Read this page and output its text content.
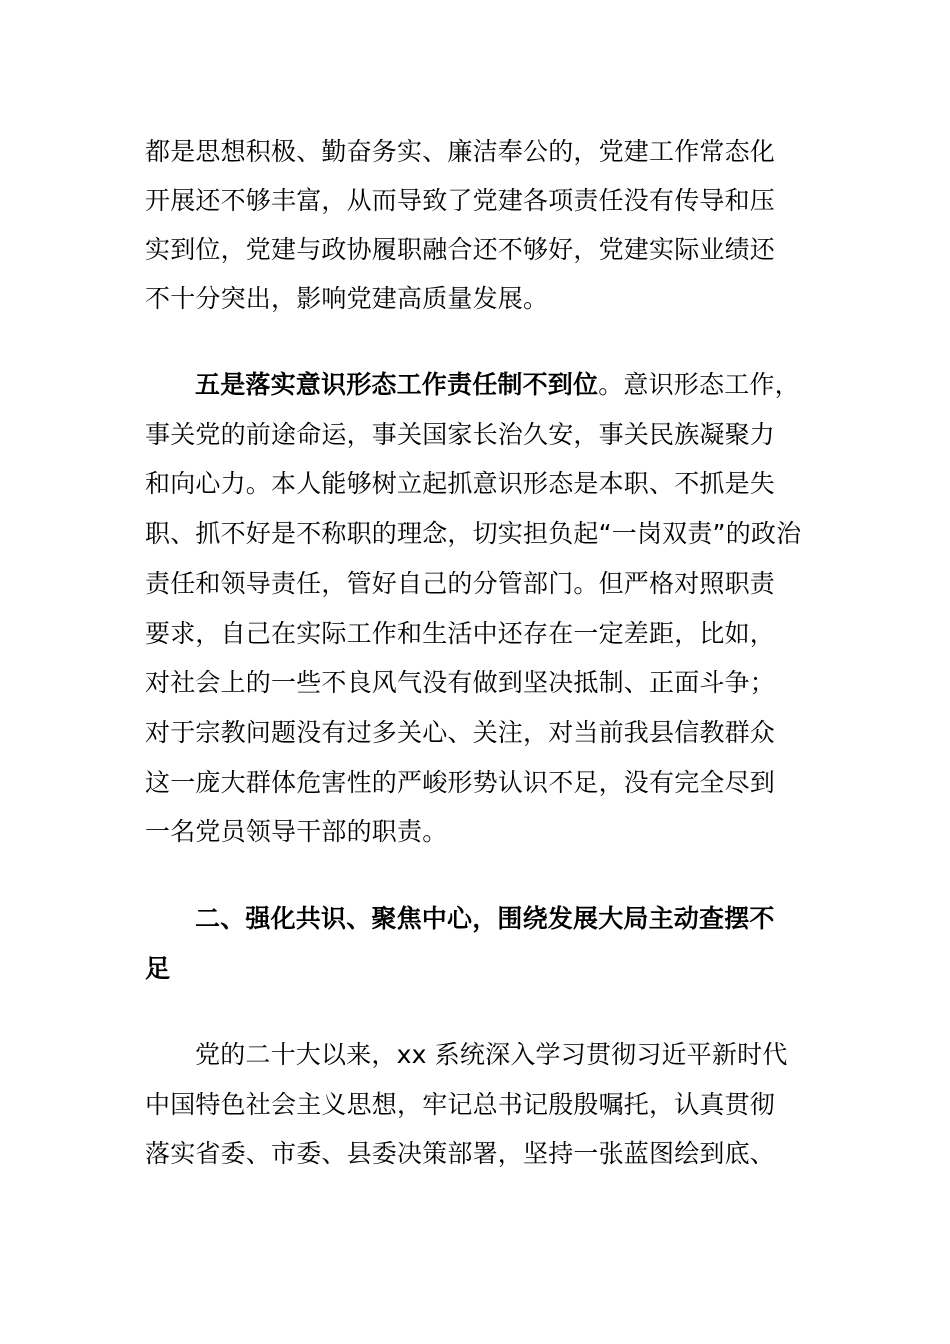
都是思想积极、勤奋务实、廉洁奉公的，党建工作常态化
开展还不够丰富，从而导致了党建各项责任没有传导和压
实到位，党建与政协履职融合还不够好，党建实际业绩还
不十分突出，影响党建高质量发展。
五是落实意识形态工作责任制不到位。意识形态工作，
事关党的前途命运，事关国家长治久安，事关民族凝聚力
和向心力。本人能够树立起抓意识形态是本职、不抓是失
职、抓不好是不称职的理念，切实担负起“一岗双责”的政治
责任和领导责任，管好自己的分管部门。但严格对照职责
要求，自己在实际工作和生活中还存在一定差距，比如，
对社会上的一些不良风气没有做到坚决抵制、正面斗争；
对于宗教问题没有过多关心、关注，对当前我县信教群众
这一庞大群体危害性的严峻形势认识不足，没有完全尽到
一名党员领导干部的职责。
二、强化共识、聚焦中心，围绕发展大局主动查摆不
足
党的二十大以来，xx 系统深入学习贯彻习近平新时代
中国特色社会主义思想，牢记总书记殷殷嘱托，认真贯彻
落实省委、市委、县委决策部署，坚持一张蓝图绘到底、
